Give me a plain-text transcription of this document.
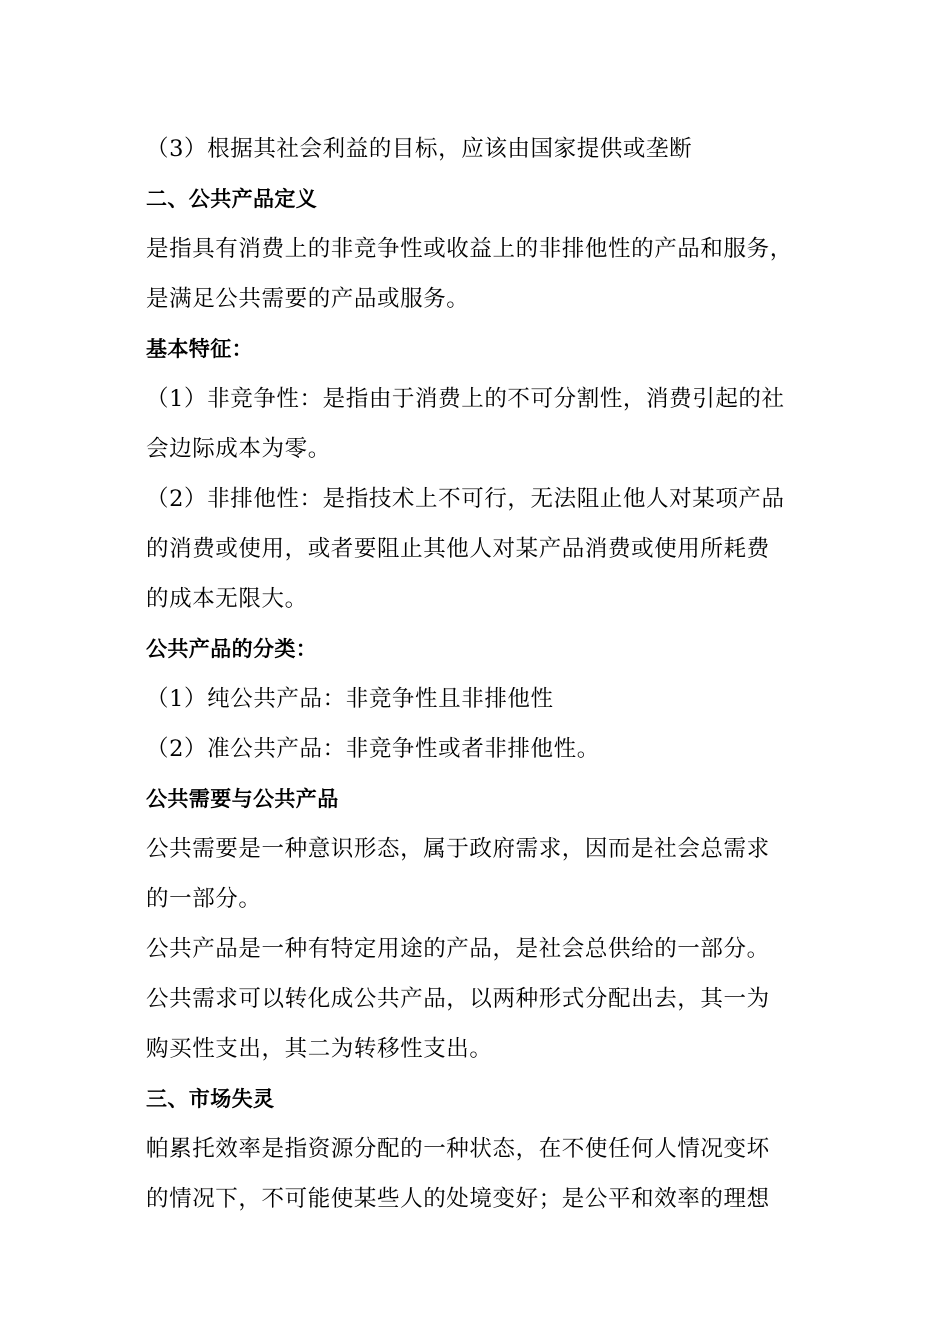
（3）根据其社会利益的目标，应该由国家提供或垄断
二、公共产品定义
是指具有消费上的非竞争性或收益上的非排他性的产品和服务，
是满足公共需要的产品或服务。
基本特征：
（1）非竞争性：是指由于消费上的不可分割性，消费引起的社
会边际成本为零。
（2）非排他性：是指技术上不可行，无法阻止他人对某项产品
的消费或使用，或者要阻止其他人对某产品消费或使用所耗费
的成本无限大。
公共产品的分类：
（1）纯公共产品：非竞争性且非排他性
（2）准公共产品：非竞争性或者非排他性。
公共需要与公共产品
公共需要是一种意识形态，属于政府需求，因而是社会总需求
的一部分。
公共产品是一种有特定用途的产品，是社会总供给的一部分。
公共需求可以转化成公共产品，以两种形式分配出去，其一为
购买性支出，其二为转移性支出。
三、市场失灵
帕累托效率是指资源分配的一种状态，在不使任何人情况变坏
的情况下，不可能使某些人的处境变好；是公平和效率的理想
